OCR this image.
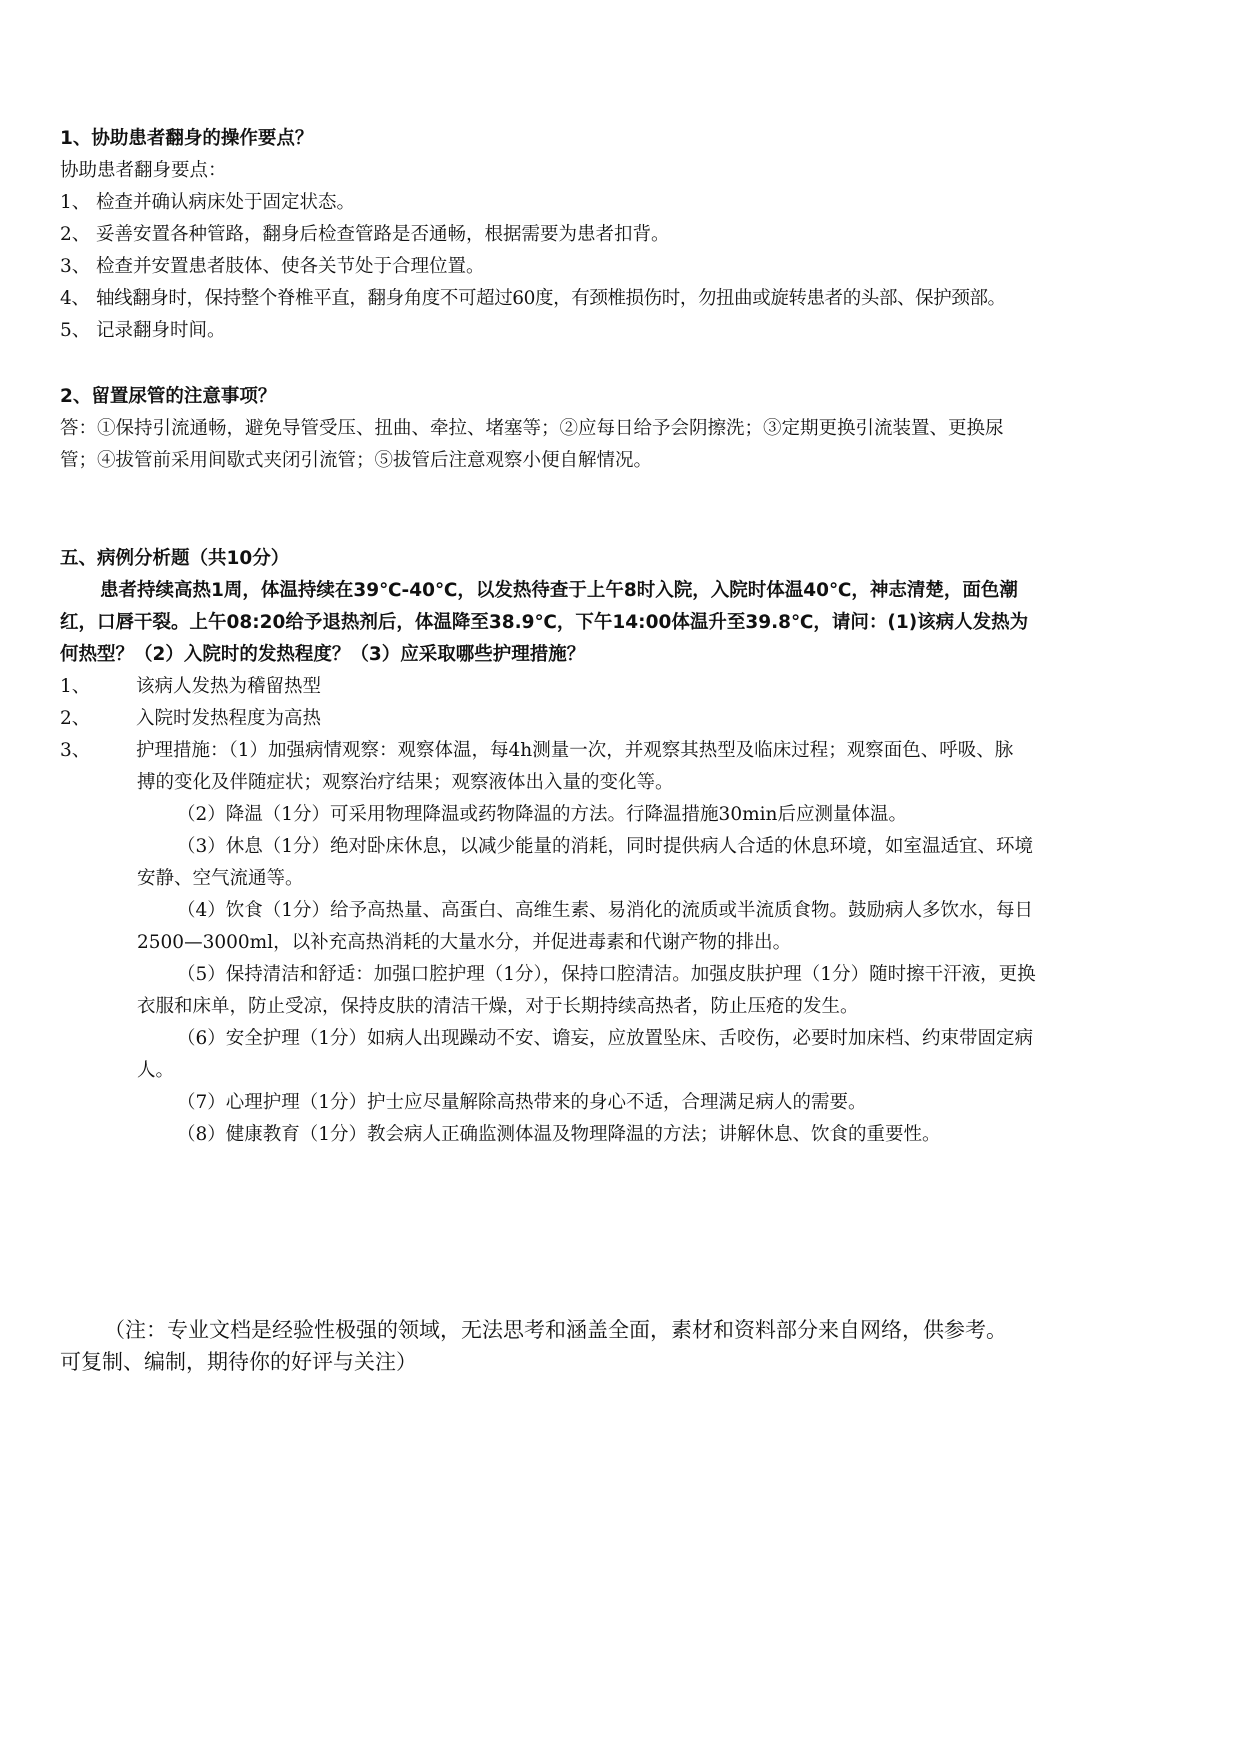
1、协助患者翻身的操作要点？
协助患者翻身要点：
1、 检查并确认病床处于固定状态。
2、 妥善安置各种管路，翻身后检查管路是否通畅，根据需要为患者扣背。
3、 检查并安置患者肢体、使各关节处于合理位置。
4、 轴线翻身时，保持整个脊椎平直，翻身角度不可超过60度，有颈椎损伤时，勿扭曲或旋转患者的头部、保护颈部。
5、 记录翻身时间。
2、留置尿管的注意事项？
答：①保持引流通畅，避免导管受压、扭曲、牵拉、堵塞等；②应每日给予会阴擦洗；③定期更换引流装置、更换尿
管；④拔管前采用间歇式夹闭引流管；⑤拔管后注意观察小便自解情况。
五、病例分析题（共10分）
患者持续高热1周，体温持续在39℃-40℃，以发热待查于上午8时入院，入院时体温40℃，神志清楚，面色潮
红，口唇干裂。上午08:20给予退热剂后，体温降至38.9℃，下午14:00体温升至39.8℃，请问：(1)该病人发热为
何热型？（2）入院时的发热程度？（3）应采取哪些护理措施？
1、 该病人发热为稽留热型
2、 入院时发热程度为高热
3、 护理措施：（1）加强病情观察：观察体温，每4h测量一次，并观察其热型及临床过程；观察面色、呼吸、脉
搏的变化及伴随症状；观察治疗结果；观察液体出入量的变化等。
（2）降温（1分）可采用物理降温或药物降温的方法。行降温措施30min后应测量体温。
（3）休息（1分）绝对卧床休息，以减少能量的消耗，同时提供病人合适的休息环境，如室温适宜、环境
安静、空气流通等。
（4）饮食（1分）给予高热量、高蛋白、高维生素、易消化的流质或半流质食物。鼓励病人多饮水，每日
2500—3000ml，以补充高热消耗的大量水分，并促进毒素和代谢产物的排出。
（5）保持清洁和舒适：加强口腔护理（1分），保持口腔清洁。加强皮肤护理（1分）随时擦干汗液，更换
衣服和床单，防止受凉，保持皮肤的清洁干燥，对于长期持续高热者，防止压疮的发生。
（6）安全护理（1分）如病人出现躁动不安、谵妄，应放置坠床、舌咬伤，必要时加床档、约束带固定病
人。
（7）心理护理（1分）护士应尽量解除高热带来的身心不适，合理满足病人的需要。
（8）健康教育（1分）教会病人正确监测体温及物理降温的方法；讲解休息、饮食的重要性。
（注：专业文档是经验性极强的领域，无法思考和涵盖全面，素材和资料部分来自网络，供参考。
可复制、编制，期待你的好评与关注）
